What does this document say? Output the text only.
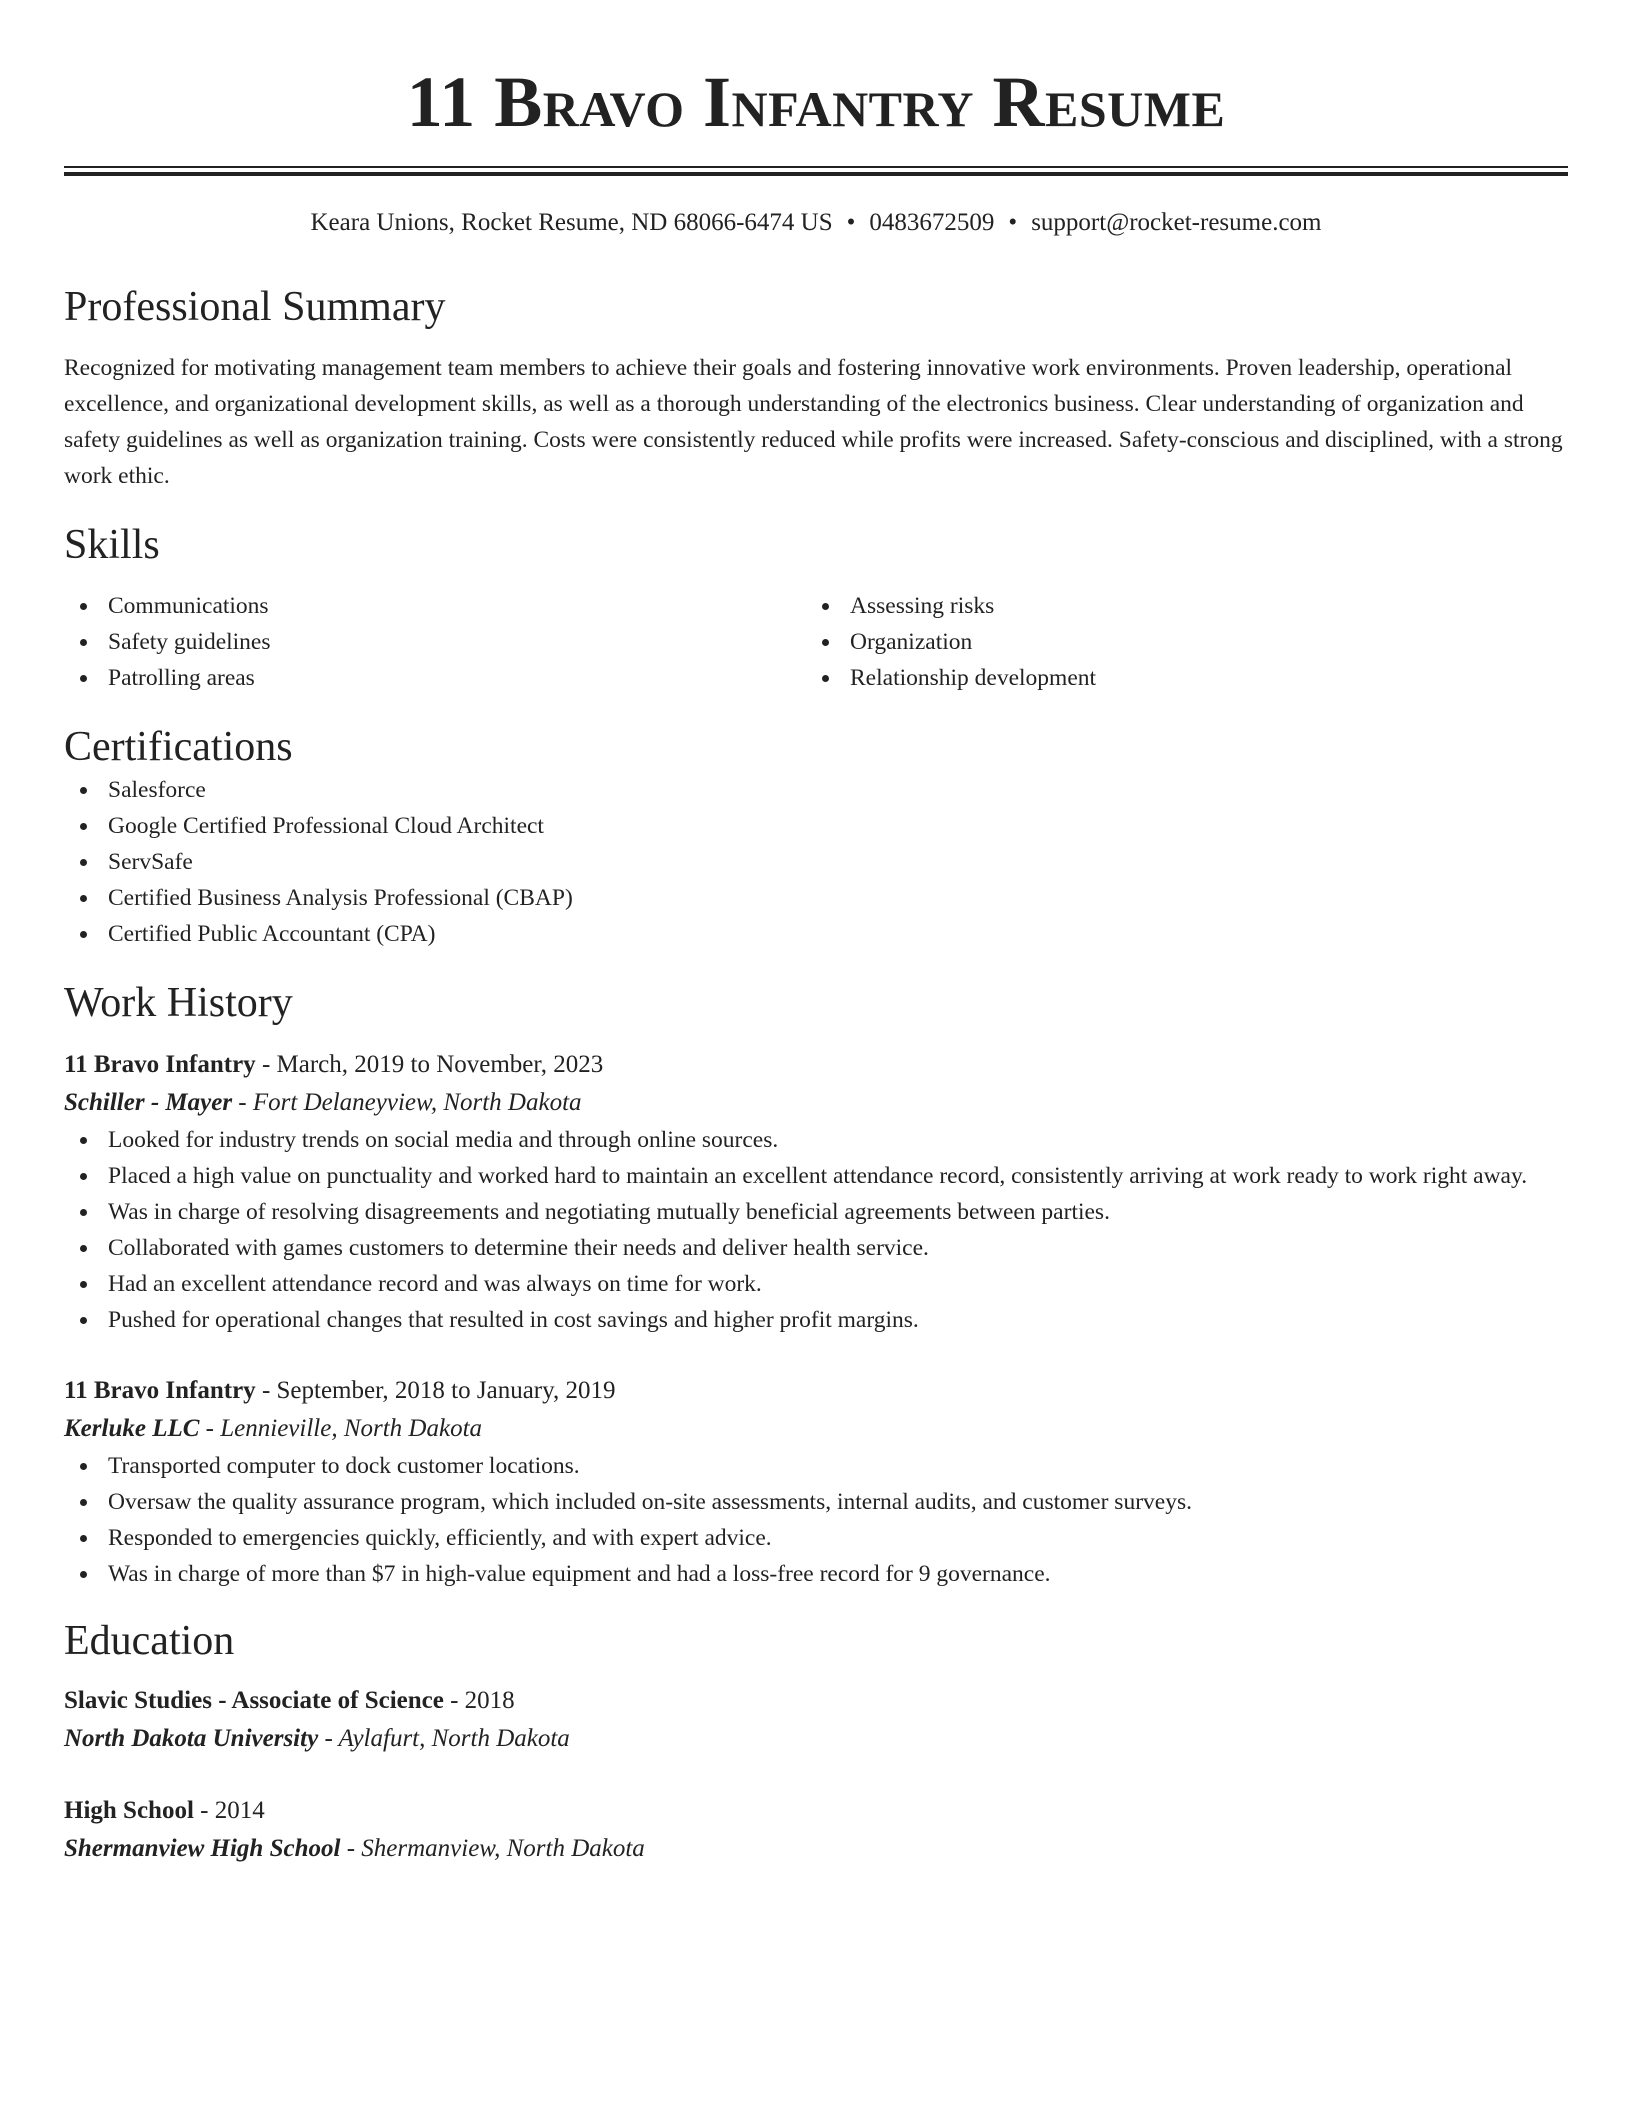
11 Bravo Infantry Resume
Keara Unions, Rocket Resume, ND 68066-6474 US • 0483672509 • support@rocket-resume.com
Professional Summary

Recognized for motivating management team members to achieve their goals and fostering innovative work environments. Proven leadership, operational excellence, and organizational development skills, as well as a thorough understanding of the electronics business. Clear understanding of organization and safety guidelines as well as organization training. Costs were consistently reduced while profits were increased. Safety-conscious and disciplined, with a strong work ethic.

Skills
Communications
Safety guidelines
Patrolling areas
Assessing risks
Organization
Relationship development
Certifications
Salesforce
Google Certified Professional Cloud Architect
ServSafe
Certified Business Analysis Professional (CBAP)
Certified Public Accountant (CPA)
Work History
11 Bravo Infantry - March, 2019 to November, 2023
Schiller - Mayer - Fort Delaneyview, North Dakota
Looked for industry trends on social media and through online sources.
Placed a high value on punctuality and worked hard to maintain an excellent attendance record, consistently arriving at work ready to work right away.
Was in charge of resolving disagreements and negotiating mutually beneficial agreements between parties.
Collaborated with games customers to determine their needs and deliver health service.
Had an excellent attendance record and was always on time for work.
Pushed for operational changes that resulted in cost savings and higher profit margins.
11 Bravo Infantry - September, 2018 to January, 2019
Kerluke LLC - Lennieville, North Dakota
Transported computer to dock customer locations.
Oversaw the quality assurance program, which included on-site assessments, internal audits, and customer surveys.
Responded to emergencies quickly, efficiently, and with expert advice.
Was in charge of more than $7 in high-value equipment and had a loss-free record for 9 governance.
Education
Slavic Studies - Associate of Science - 2018
North Dakota University - Aylafurt, North Dakota
High School - 2014
Shermanview High School - Shermanview, North Dakota
